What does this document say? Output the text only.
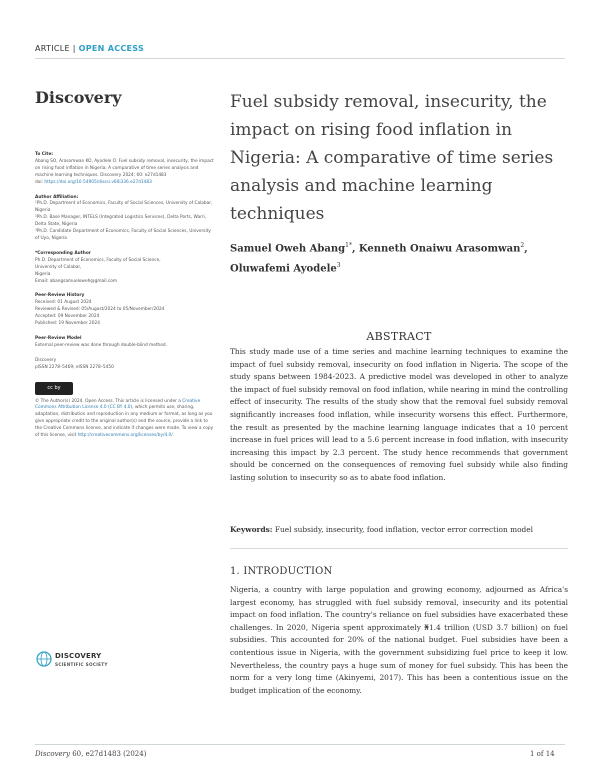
ARTICLE | OPEN ACCESS
Discovery	Fuel subsidy removal, insecurity, the impact on rising food inflation in Nigeria: A comparative of time series analysis and machine learning techniques
Samuel Oweh Abang$^{1*}$, Kenneth Onaiwu Arasomwan$^2$,
Oluwafemi Ayodele$^3$
To Cite:
Abang SO, Arasomwan KO, Ayodele O. Fuel subsidy removal, insecurity, the impact on rising food inflation in Nigeria: A comparative of time series analysis and machine learning techniques. Discovery 2024; 60: e27d1483
doi: https://doi.org/10.54905/disssi.v60i336.e27d1483
Author Affiliation:
¹Ph.D. Department of Economics, Faculty of Social Sciences, University of Calabar, Nigeria
²Ph.D. Base Manager, INTELS (Integrated Logistics Services), Delta Ports, Warri, Delta State, Nigeria
³Ph.D. Candidate Department of Economics, Faculty of Social Sciences, University of Uyo, Nigeria
*Corresponding Author
Ph.D. Department of Economics, Faculty of Social Science,
University of Calabar,
Nigeria
Email: abangsamueloweh@gmail.com
Peer-Review History
Received: 01 August 2024
Reviewed & Revised: 05/August/2024 to 05/November/2024
Accepted: 09 November 2024
Published: 19 November 2024
Peer-Review Model
External peer-review was done through double-blind method.
Discovery
pISSN 2278–5469; eISSN 2278–5450
cc by
© The Author(s) 2024. Open Access. This article is licensed under a Creative Commons Attribution License 4.0 (CC BY 4.0), which permits use, sharing, adaptation, distribution and reproduction in any medium or format, as long as you give appropriate credit to the original author(s) and the source, provide a link to the Creative Commons license, and indicate if changes were made. To view a copy of this license, visit http://creativecommons.org/licenses/by/4.0/.
DISCOVERY
SCIENTIFIC SOCIETY
ABSTRACT

This study made use of a time series and machine learning techniques to examine the impact of fuel subsidy removal, insecurity on food inflation in Nigeria. The scope of the study spans between 1984-2023. A predictive model was developed in other to analyze the impact of fuel subsidy removal on food inflation, while nearing in mind the controlling effect of insecurity. The results of the study show that the removal fuel subsidy removal significantly increases food inflation, while insecurity worsens this effect. Furthermore, the result as presented by the machine learning language indicates that a 10 percent increase in fuel prices will lead to a 5.6 percent increase in food inflation, with insecurity increasing this impact by 2.3 percent. The study hence recommends that government should be concerned on the consequences of removing fuel subsidy while also finding lasting solution to insecurity so as to abate food inflation.

Keywords: Fuel subsidy, insecurity, food inflation, vector error correction model
1. INTRODUCTION

Nigeria, a country with large population and growing economy, adjourned as Africa's largest economy, has struggled with fuel subsidy removal, insecurity and its potential impact on food inflation. The country's reliance on fuel subsidies have exacerbated these challenges. In 2020, Nigeria spent approximately ₦1.4 trillion (USD 3.7 billion) on fuel subsidies. This accounted for 20% of the national budget. Fuel subsidies have been a contentious issue in Nigeria, with the government subsidizing fuel price to keep it low. Nevertheless, the country pays a huge sum of money for fuel subsidy. This has been the norm for a very long time (Akinyemi, 2017). This has been a contentious issue on the budget implication of the economy.

Discovery 60, e27d1483 (2024)	1 of 14
